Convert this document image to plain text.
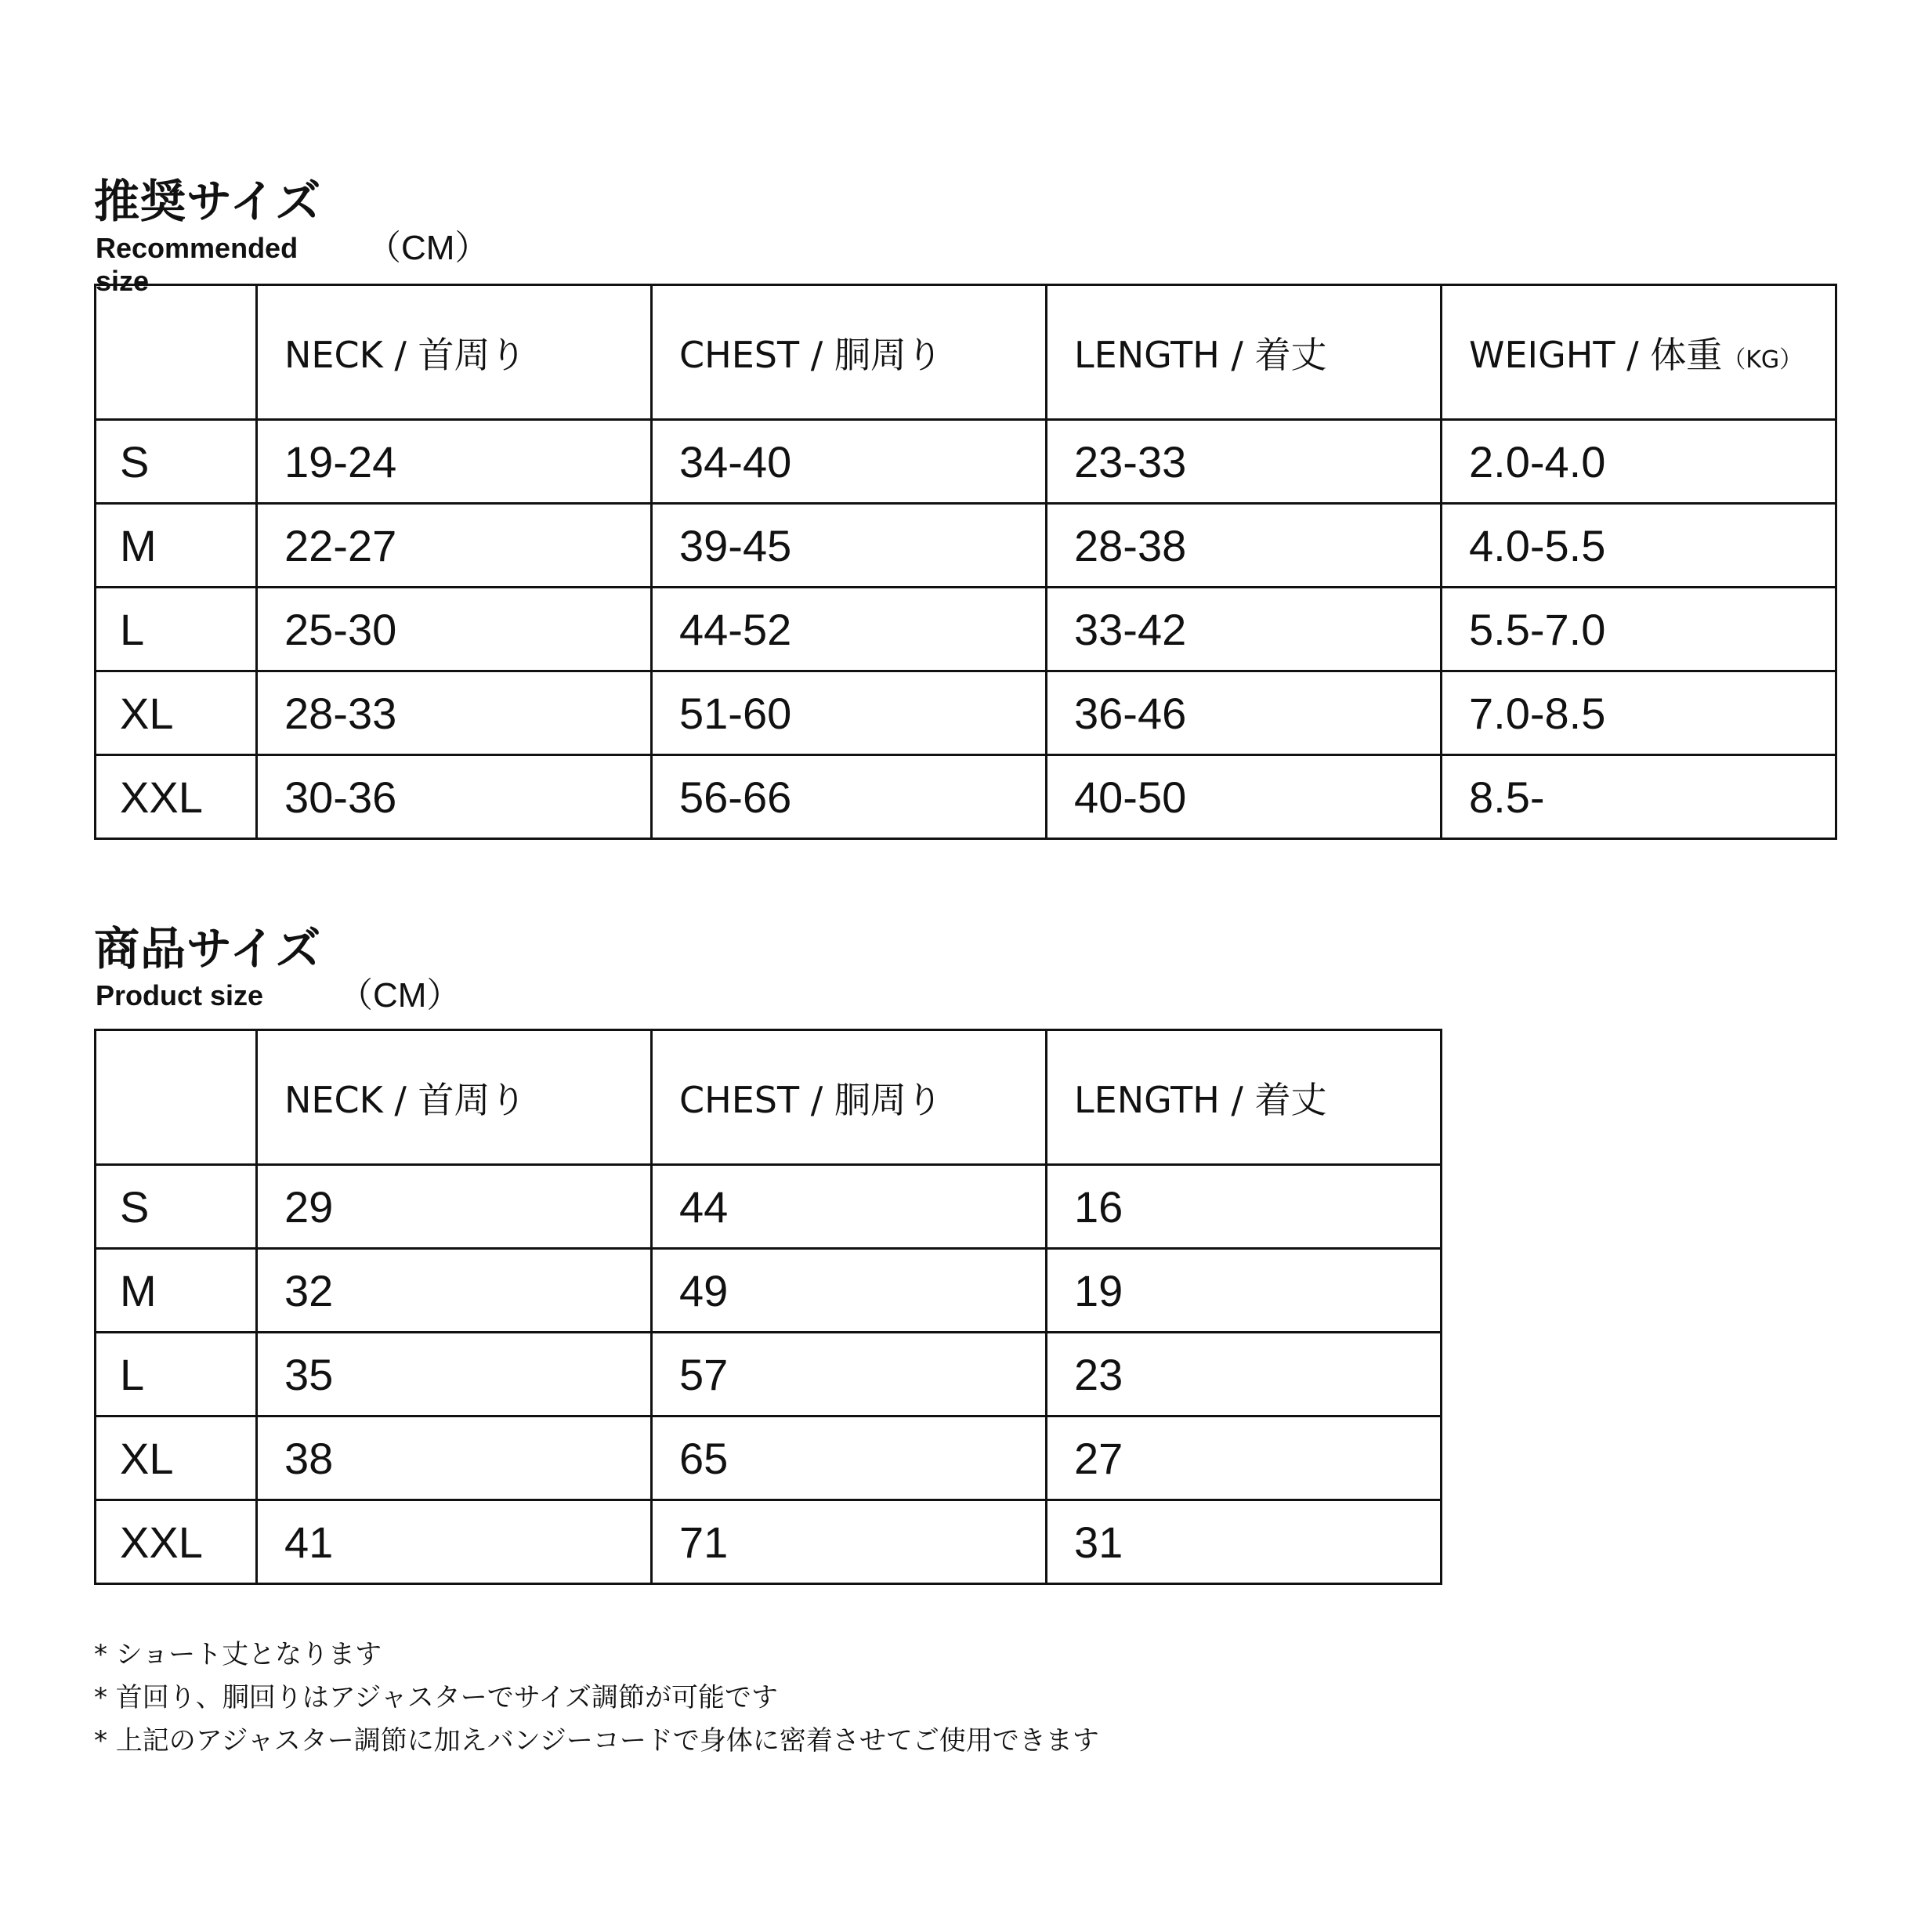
推奨サイズ
Recommended size
（CM）
	NECK / 首周り	CHEST / 胴周り	LENGTH / 着丈	WEIGHT / 体重（KG）
S	19-24	34-40	23-33	2.0-4.0
M	22-27	39-45	28-38	4.0-5.5
L	25-30	44-52	33-42	5.5-7.0
XL	28-33	51-60	36-46	7.0-8.5
XXL	30-36	56-66	40-50	8.5-
商品サイズ
Product size （CM）
	NECK / 首周り	CHEST / 胴周り	LENGTH / 着丈
S	29	44	16
M	32	49	19
L	35	57	23
XL	38	65	27
XXL	41	71	31
* ショート丈となります
* 首回り、胴回りはアジャスターでサイズ調節が可能です
* 上記のアジャスター調節に加えバンジーコードで身体に密着させてご使用できます
